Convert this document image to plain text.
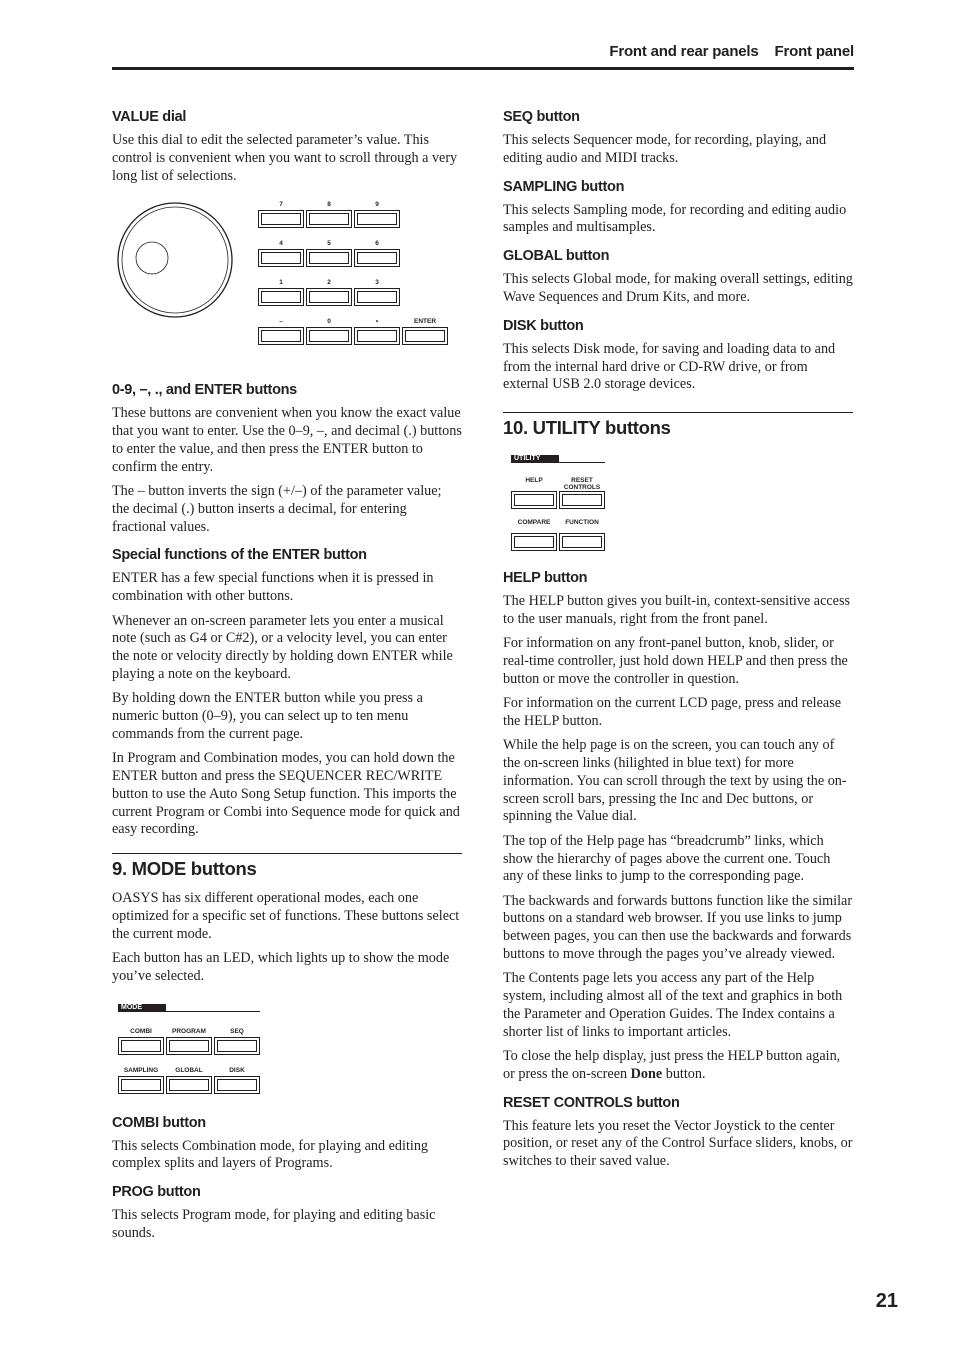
Front and rear panels Front panel
VALUE dial

Use this dial to edit the selected parameter’s value. This control is convenient when you want to scroll through a very long list of selections.

7	8	9
4	5	6
1	2	3
–	0	•	ENTER
0-9, –, ., and ENTER buttons

These buttons are convenient when you know the exact value that you want to enter. Use the 0–9, –, and decimal (.) buttons to enter the value, and then press the ENTER button to confirm the entry.

The – button inverts the sign (+/–) of the parameter value; the decimal (.) button inserts a decimal, for entering fractional values.

Special functions of the ENTER button

ENTER has a few special functions when it is pressed in combination with other buttons.

Whenever an on-screen parameter lets you enter a musical note (such as G4 or C#2), or a velocity level, you can enter the note or velocity directly by holding down ENTER while playing a note on the keyboard.

By holding down the ENTER button while you press a numeric button (0–9), you can select up to ten menu commands from the current page.

In Program and Combination modes, you can hold down the ENTER button and press the SEQUENCER REC/WRITE button to use the Auto Song Setup function. This imports the current Program or Combi into Sequence mode for quick and easy recording.

9. MODE buttons

OASYS has six different operational modes, each one optimized for a specific set of functions. These buttons select the current mode.

Each button has an LED, which lights up to show the mode you’ve selected.

MODE
COMBI	PROGRAM	SEQ
SAMPLING	GLOBAL	DISK
COMBI button

This selects Combination mode, for playing and editing complex splits and layers of Programs.

PROG button

This selects Program mode, for playing and editing basic sounds.

SEQ button

This selects Sequencer mode, for recording, playing, and editing audio and MIDI tracks.

SAMPLING button

This selects Sampling mode, for recording and editing audio samples and multisamples.

GLOBAL button

This selects Global mode, for making overall settings, editing Wave Sequences and Drum Kits, and more.

DISK button

This selects Disk mode, for saving and loading data to and from the internal hard drive or CD-RW drive, or from external USB 2.0 storage devices.

10. UTILITY buttons
UTILITY
HELP	RESET CONTROLS
COMPARE	FUNCTION
HELP button

The HELP button gives you built-in, context-sensitive access to the user manuals, right from the front panel.

For information on any front-panel button, knob, slider, or real-time controller, just hold down HELP and then press the button or move the controller in question.

For information on the current LCD page, press and release the HELP button.

While the help page is on the screen, you can touch any of the on-screen links (hilighted in blue text) for more information. You can scroll through the text by using the on-screen scroll bars, pressing the Inc and Dec buttons, or spinning the Value dial.

The top of the Help page has “breadcrumb” links, which show the hierarchy of pages above the current one. Touch any of these links to jump to the corresponding page.

The backwards and forwards buttons function like the similar buttons on a standard web browser. If you use links to jump between pages, you can then use the backwards and forwards buttons to move through the pages you’ve already viewed.

The Contents page lets you access any part of the Help system, including almost all of the text and graphics in both the Parameter and Operation Guides. The Index contains a shorter list of links to important articles.

To close the help display, just press the HELP button again, or press the on-screen Done button.

RESET CONTROLS button

This feature lets you reset the Vector Joystick to the center position, or reset any of the Control Surface sliders, knobs, or switches to their saved value.

21
